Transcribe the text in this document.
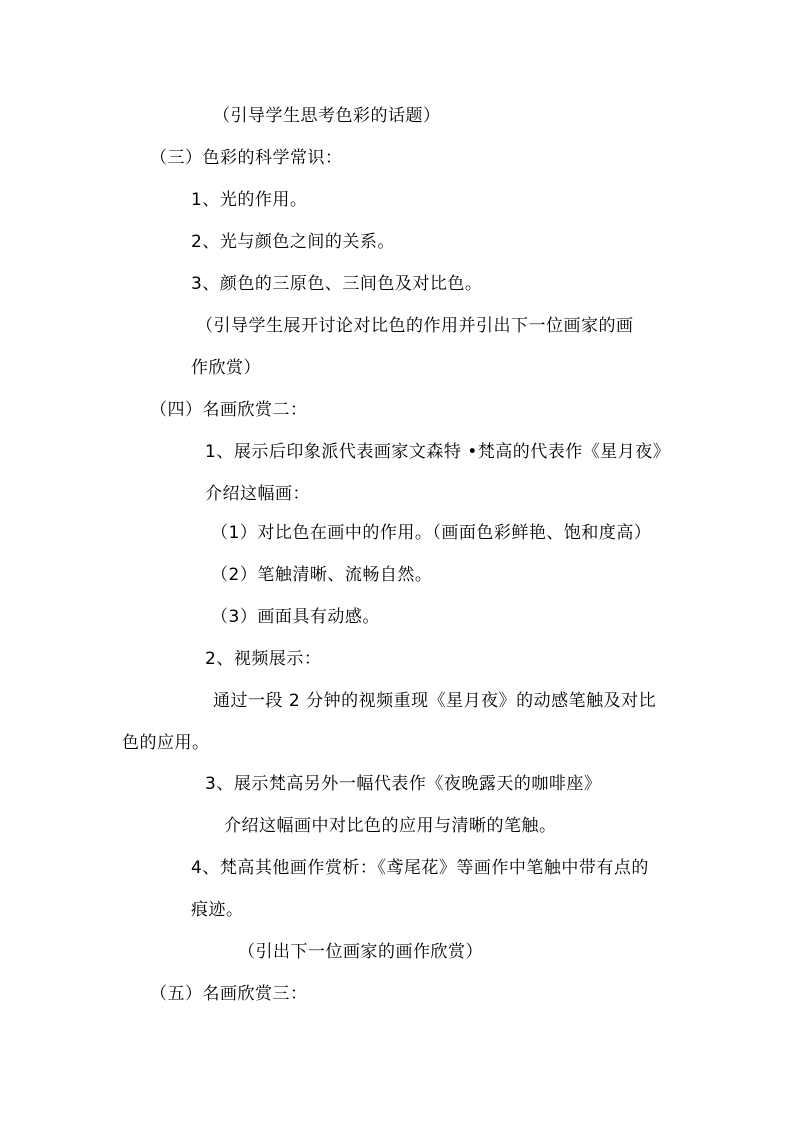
（引导学生思考色彩的话题）
（三）色彩的科学常识：
1、光的作用。
2、光与颜色之间的关系。
3、颜色的三原色、三间色及对比色。
（引导学生展开讨论对比色的作用并引出下一位画家的画
作欣赏）
（四）名画欣赏二：
1、展示后印象派代表画家文森特 •梵高的代表作《星月夜》
介绍这幅画：
（1）对比色在画中的作用。（画面色彩鲜艳、饱和度高）
（2）笔触清晰、流畅自然。
（3）画面具有动感。
2、视频展示：
通过一段 2 分钟的视频重现《星月夜》的动感笔触及对比
色的应用。
3、展示梵高另外一幅代表作《夜晚露天的咖啡座》
介绍这幅画中对比色的应用与清晰的笔触。
4、梵高其他画作赏析：《鸢尾花》等画作中笔触中带有点的
痕迹。
（引出下一位画家的画作欣赏）
（五）名画欣赏三：
